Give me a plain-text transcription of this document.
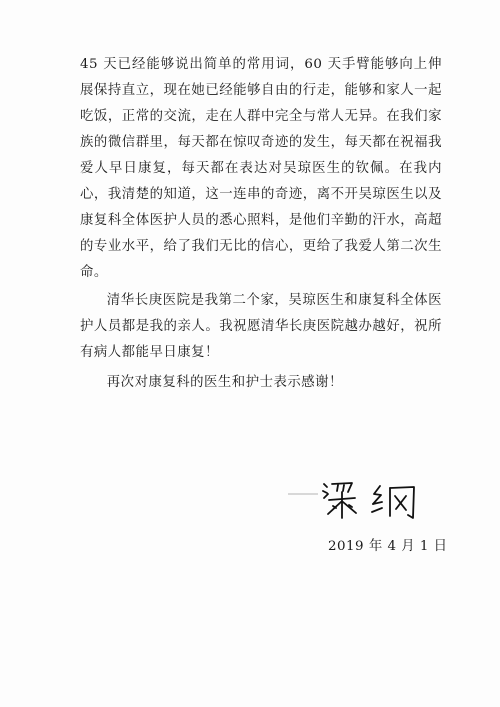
45 天已经能够说出简单的常用词，60 天手臂能够向上伸展保持直立，现在她已经能够自由的行走，能够和家人一起吃饭，正常的交流，走在人群中完全与常人无异。在我们家族的微信群里，每天都在惊叹奇迹的发生，每天都在祝福我爱人早日康复，每天都在表达对吴琼医生的钦佩。在我内心，我清楚的知道，这一连串的奇迹，离不开吴琼医生以及康复科全体医护人员的悉心照料，是他们辛勤的汗水，高超的专业水平，给了我们无比的信心，更给了我爱人第二次生命。

清华长庚医院是我第二个家，吴琼医生和康复科全体医护人员都是我的亲人。我祝愿清华长庚医院越办越好，祝所有病人都能早日康复！

再次对康复科的医生和护士表示感谢！

2019 年 4 月 1 日
